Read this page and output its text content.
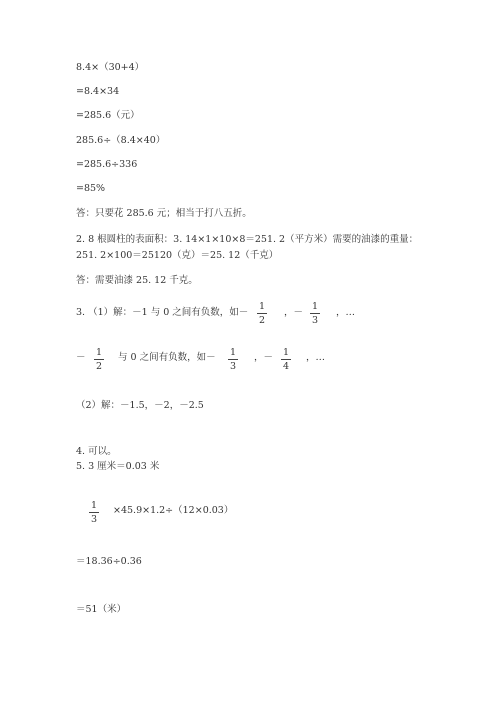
8.4×（30+4）
=8.4×34
=285.6（元）
285.6÷（8.4×40）
=285.6÷336
=85%
答：只要花 285.6 元；相当于打八五折。
2. 8 根圆柱的表面积：3. 14×1×10×8＝251. 2（平方米）需要的油漆的重量：
251. 2×100＝25120（克）＝25. 12（千克）
答：需要油漆 25. 12 千克。
3. （1）解：－1 与 0 之间有负数，如－
1
2
，－
1
3
，…
－	1
2
与 0 之间有负数，如－	1
3
，－	1
4
，…
（2）解：－1.5，－2，－2.5
4. 可以。
5. 3 厘米＝0.03 米
1
3
×45.9×1.2÷（12×0.03）
＝18.36÷0.36
＝51（米）
